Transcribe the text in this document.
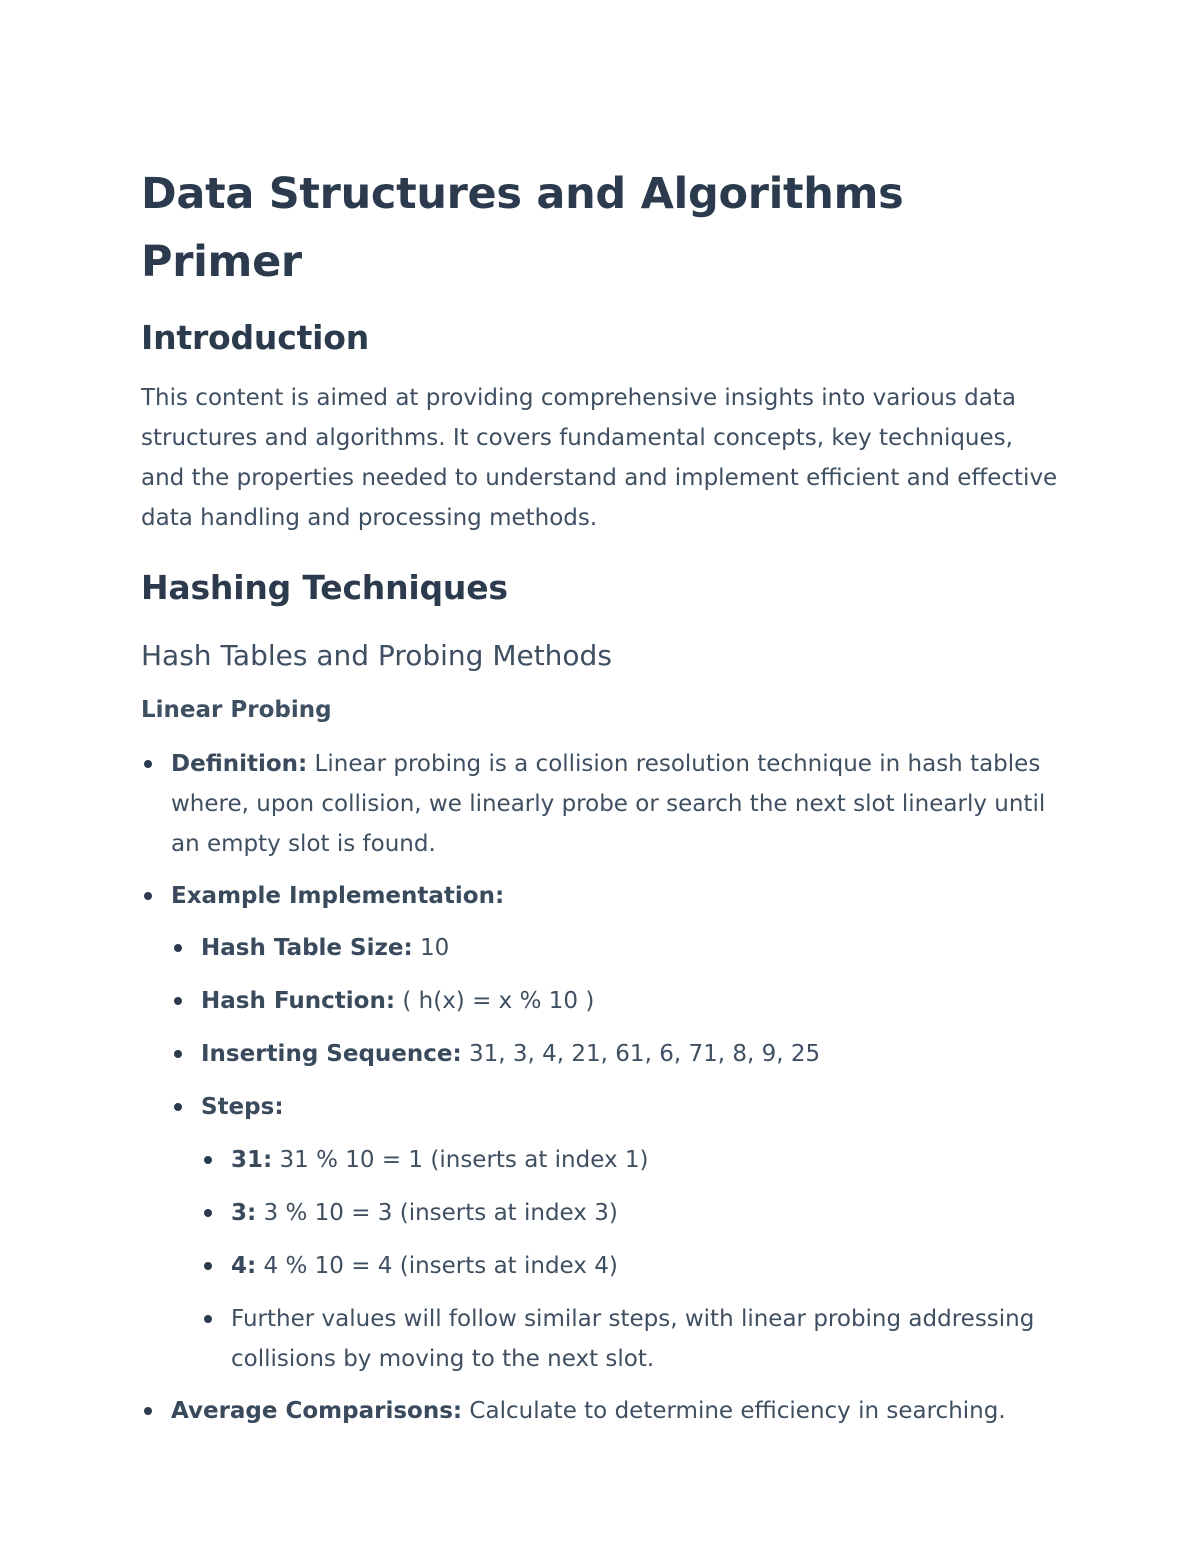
Data Structures and Algorithms Primer
Introduction

This content is aimed at providing comprehensive insights into various data structures and algorithms. It covers fundamental concepts, key techniques, and the properties needed to understand and implement efficient and effective data handling and processing methods.

Hashing Techniques
Hash Tables and Probing Methods
Linear Probing
Definition: Linear probing is a collision resolution technique in hash tables where, upon collision, we linearly probe or search the next slot linearly until an empty slot is found.
Example Implementation:
Hash Table Size: 10
Hash Function: ( h(x) = x % 10 )
Inserting Sequence: 31, 3, 4, 21, 61, 6, 71, 8, 9, 25
Steps:
31: 31 % 10 = 1 (inserts at index 1)
3: 3 % 10 = 3 (inserts at index 3)
4: 4 % 10 = 4 (inserts at index 4)
Further values will follow similar steps, with linear probing addressing collisions by moving to the next slot.
Average Comparisons: Calculate to determine efficiency in searching.
